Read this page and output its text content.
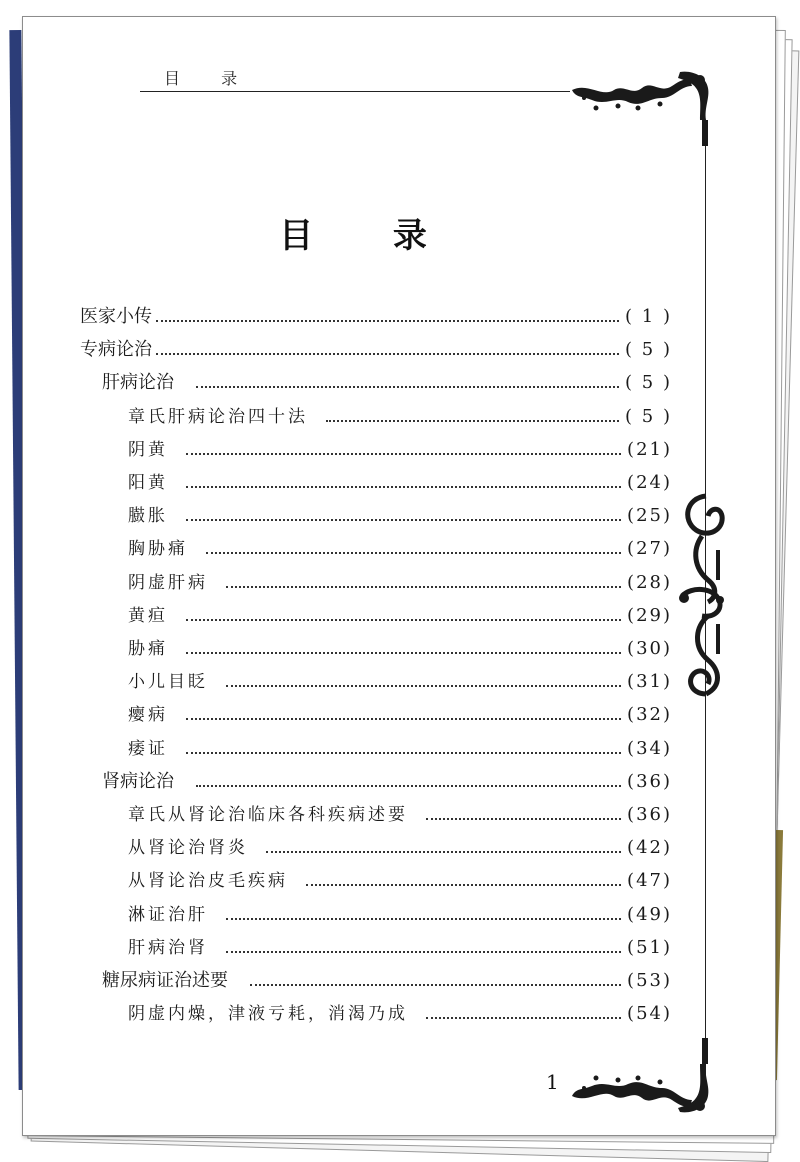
目 录
目 录
医家小传	( 1 )
专病论治	( 5 )
肝病论治	( 5 )
章氏肝病论治四十法	( 5 )
阴黄	(21)
阳黄	(24)
臌胀	(25)
胸胁痛	(27)
阴虚肝病	(28)
黄疸	(29)
胁痛	(30)
小儿目眨	(31)
瘿病	(32)
痿证	(34)
肾病论治	(36)
章氏从肾论治临床各科疾病述要	(36)
从肾论治肾炎	(42)
从肾论治皮毛疾病	(47)
淋证治肝	(49)
肝病治肾	(51)
糖尿病证治述要	(53)
阴虚内燥，津液亏耗，消渴乃成	(54)
1
